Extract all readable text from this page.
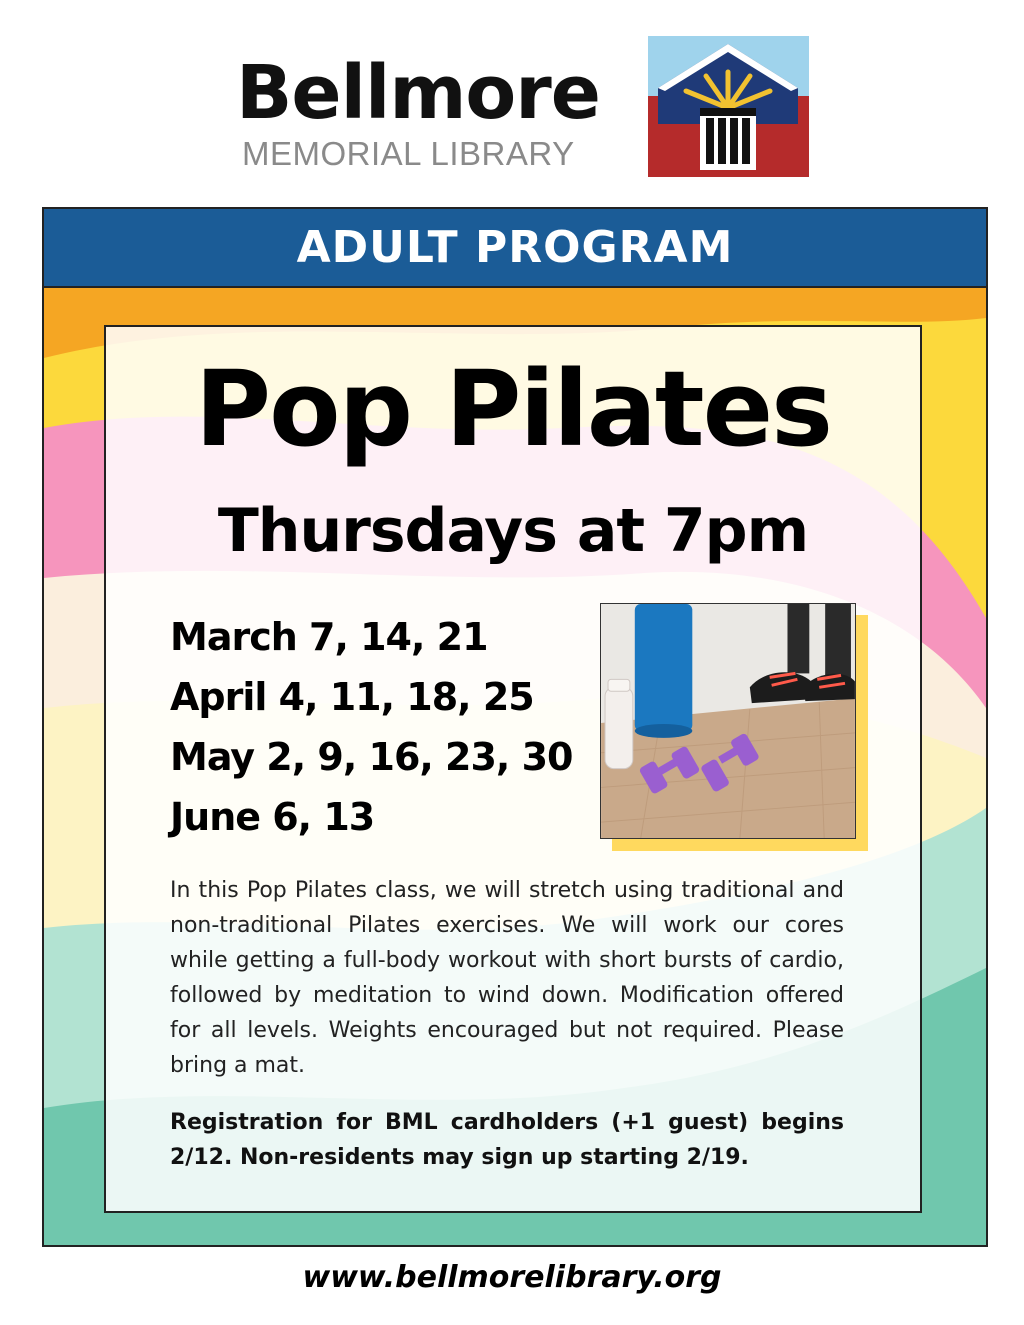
Bellmore
MEMORIAL LIBRARY
ADULT PROGRAM
Pop Pilates
Thursdays at 7pm
March 7, 14, 21
April 4, 11, 18, 25
May 2, 9, 16, 23, 30
June 6, 13

In this Pop Pilates class, we will stretch using traditional and non-traditional Pilates exercises. We will work our cores while getting a full-body workout with short bursts of cardio, followed by meditation to wind down. Modification offered for all levels. Weights encouraged but not required. Please bring a mat.

Registration for BML cardholders (+1 guest) begins 2/12. Non-residents may sign up starting 2/19.

www.bellmorelibrary.org
